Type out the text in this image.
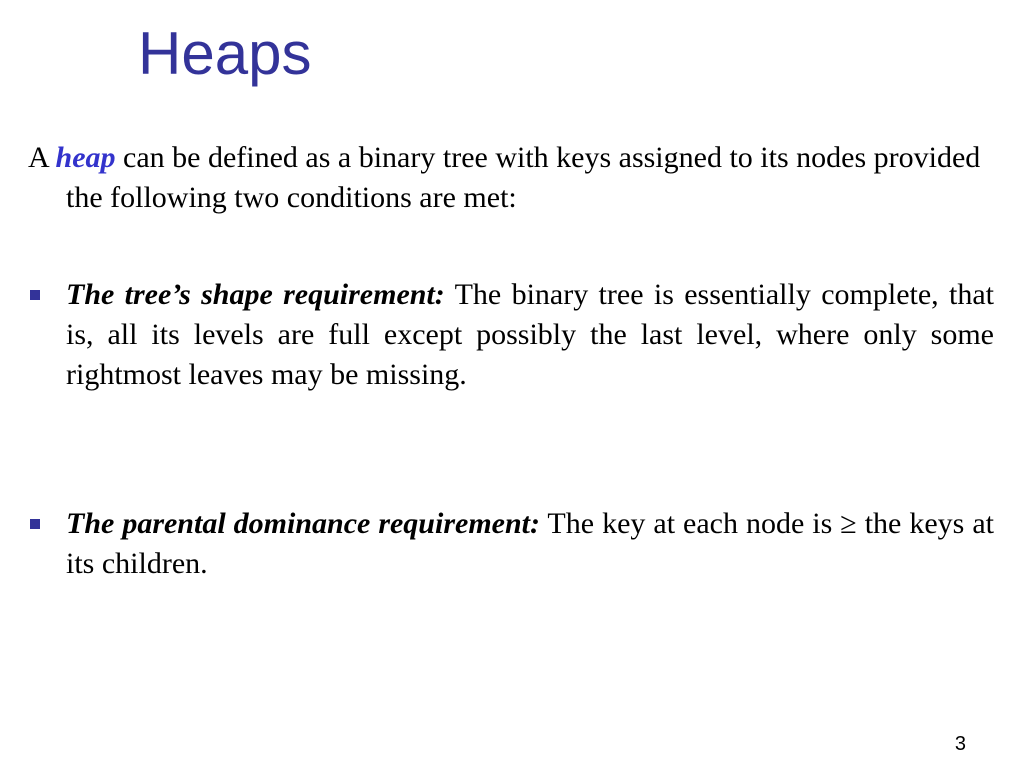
Heaps
A heap can be defined as a binary tree with keys assigned to its nodes provided the following two conditions are met:
The tree’s shape requirement: The binary tree is essentially complete, that is, all its levels are full except possibly the last level, where only some rightmost leaves may be missing.
The parental dominance requirement: The key at each node is ≥ the keys at its children.
3
